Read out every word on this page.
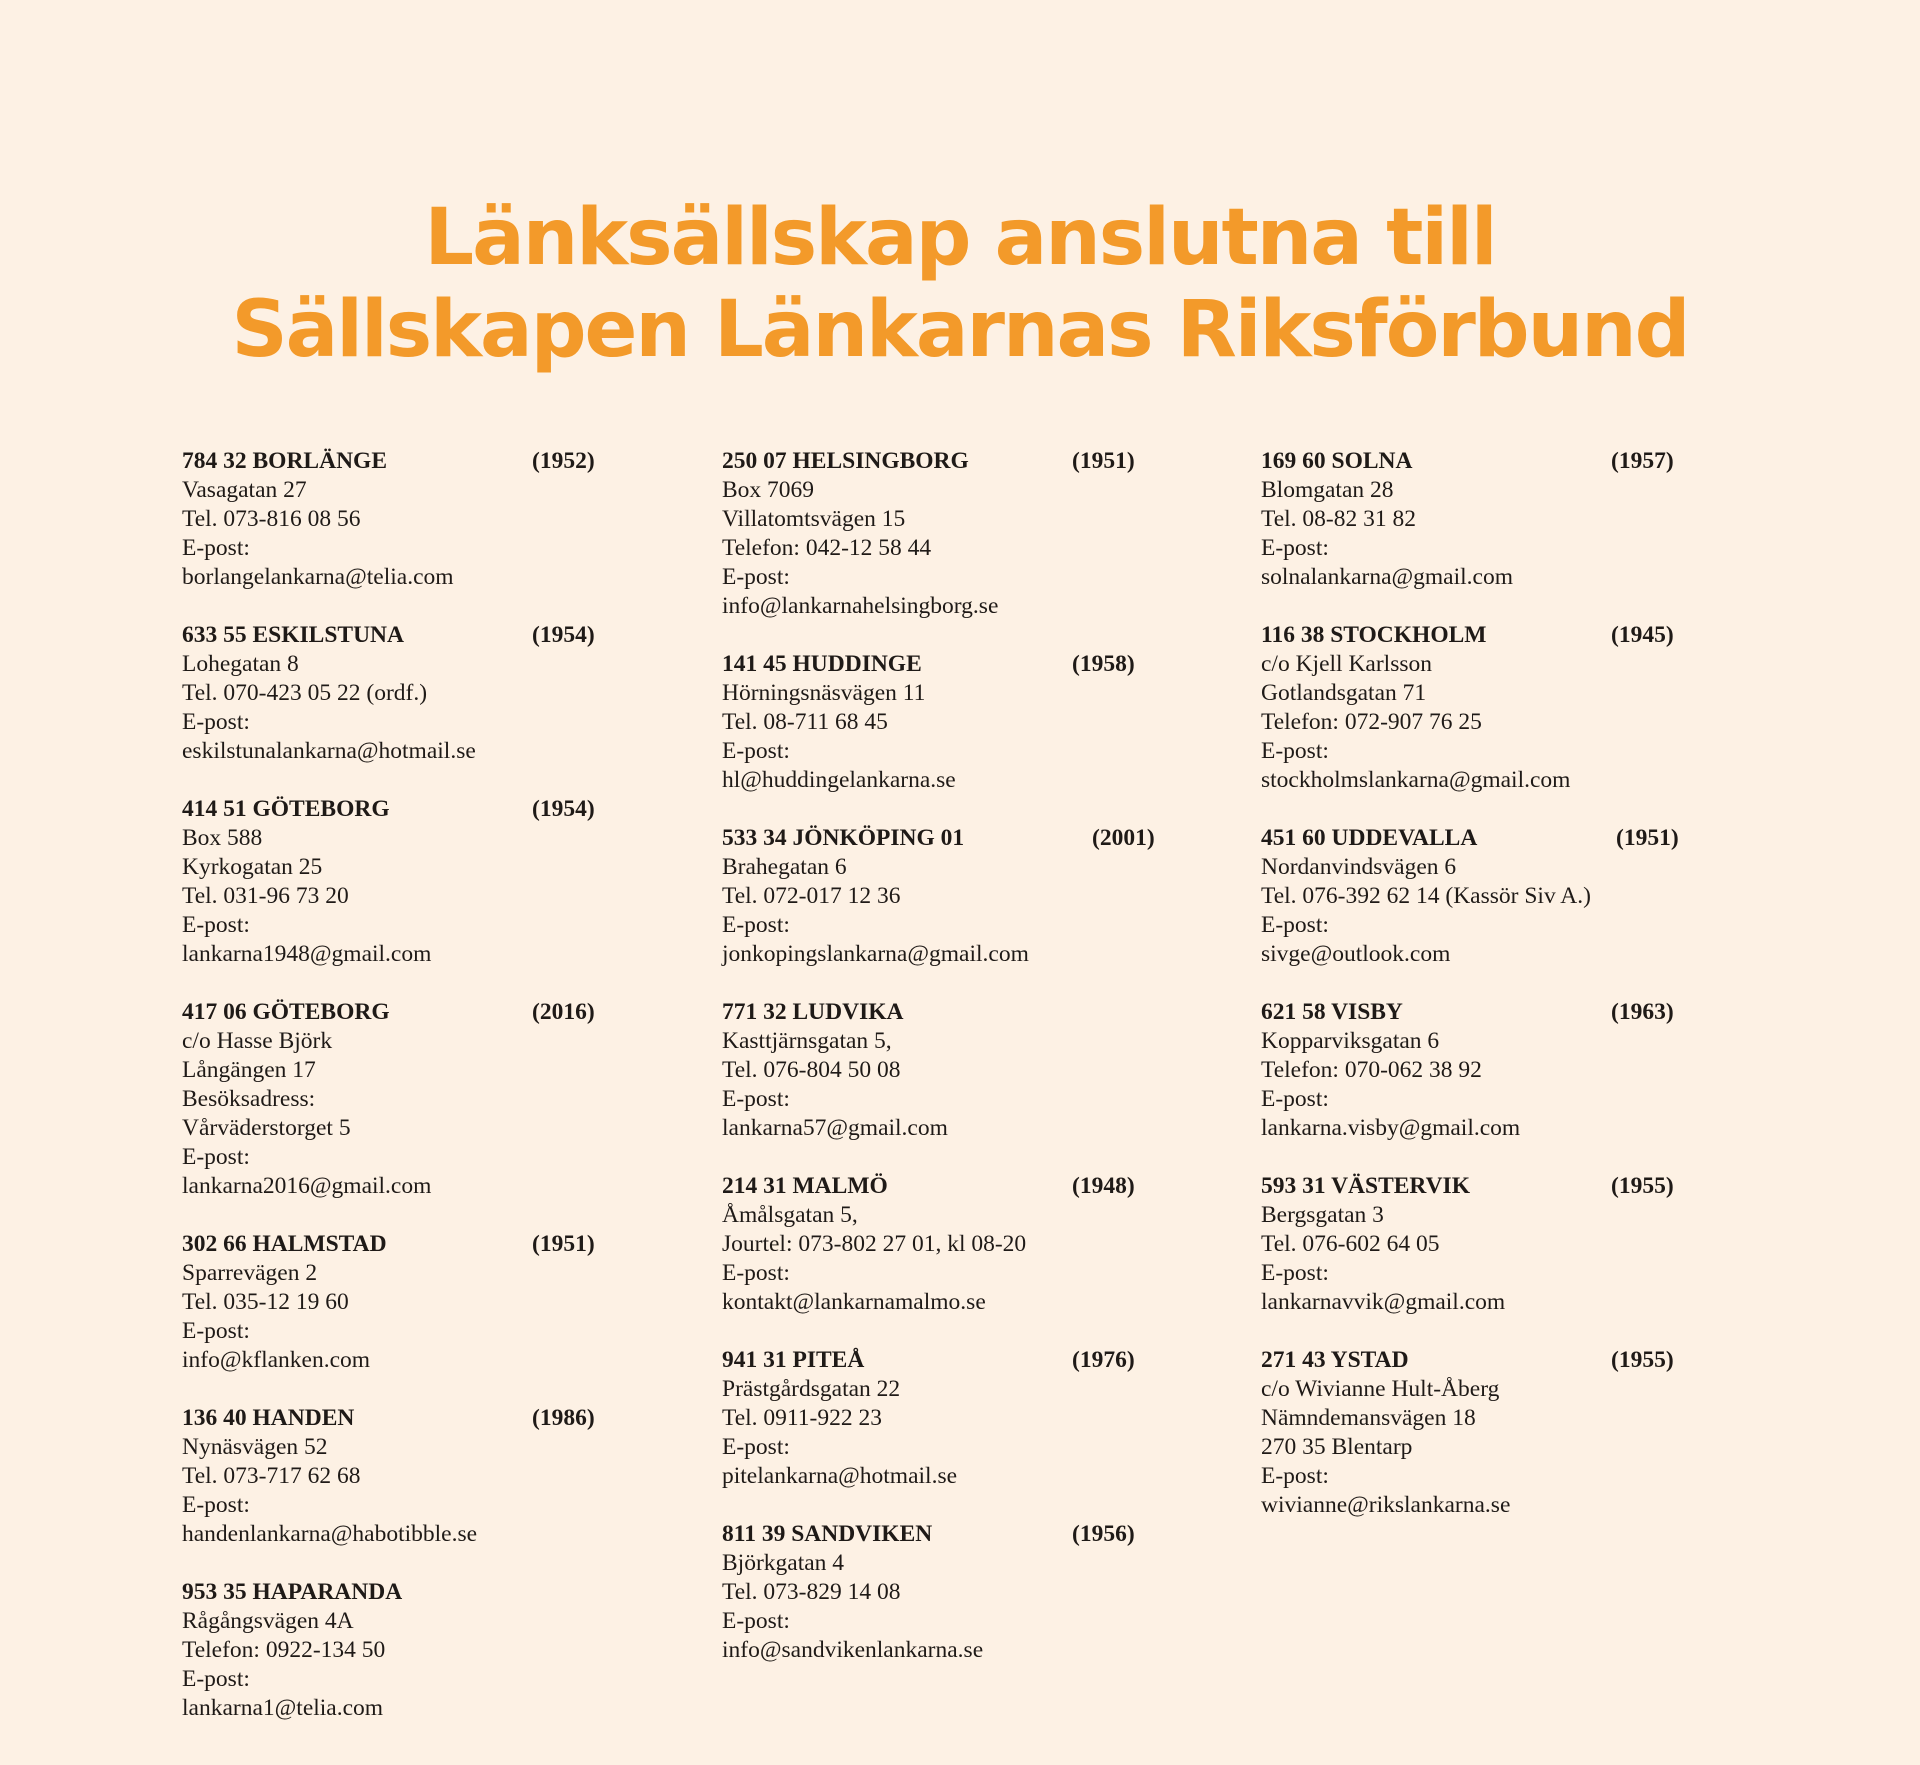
Länksällskap anslutna till
Sällskapen Länkarnas Riksförbund
784 32 BORLÄNGE	(1952)
Vasagatan 27
Tel. 073-816 08 56
E-post:
borlangelankarna@telia.com
633 55 ESKILSTUNA	(1954)
Lohegatan 8
Tel. 070-423 05 22 (ordf.)
E-post:
eskilstunalankarna@hotmail.se
414 51 GÖTEBORG	(1954)
Box 588
Kyrkogatan 25
Tel. 031-96 73 20
E-post:
lankarna1948@gmail.com
417 06 GÖTEBORG	(2016)
c/o Hasse Björk
Långängen 17
Besöksadress:
Vårväderstorget 5
E-post:
lankarna2016@gmail.com
302 66 HALMSTAD	(1951)
Sparrevägen 2
Tel. 035-12 19 60
E-post:
info@kflanken.com
136 40 HANDEN	(1986)
Nynäsvägen 52
Tel. 073-717 62 68
E-post:
handenlankarna@habotibble.se
953 35 HAPARANDA
Rågångsvägen 4A
Telefon: 0922-134 50
E-post:
lankarna1@telia.com
250 07 HELSINGBORG	(1951)
Box 7069
Villatomtsvägen 15
Telefon: 042-12 58 44
E-post:
info@lankarnahelsingborg.se
141 45 HUDDINGE	(1958)
Hörningsnäsvägen 11
Tel. 08-711 68 45
E-post:
hl@huddingelankarna.se
533 34 JÖNKÖPING 01	(2001)
Brahegatan 6
Tel. 072-017 12 36
E-post:
jonkopingslankarna@gmail.com
771 32 LUDVIKA
Kasttjärnsgatan 5,
Tel. 076-804 50 08
E-post:
lankarna57@gmail.com
214 31 MALMÖ	(1948)
Åmålsgatan 5,
Jourtel: 073-802 27 01, kl 08-20
E-post:
kontakt@lankarnamalmo.se
941 31 PITEÅ	(1976)
Prästgårdsgatan 22
Tel. 0911-922 23
E-post:
pitelankarna@hotmail.se
811 39 SANDVIKEN	(1956)
Björkgatan 4
Tel. 073-829 14 08
E-post:
info@sandvikenlankarna.se
169 60 SOLNA	(1957)
Blomgatan 28
Tel. 08-82 31 82
E-post:
solnalankarna@gmail.com
116 38 STOCKHOLM	(1945)
c/o Kjell Karlsson
Gotlandsgatan 71
Telefon: 072-907 76 25
E-post:
stockholmslankarna@gmail.com
451 60 UDDEVALLA	(1951)
Nordanvindsvägen 6
Tel. 076-392 62 14 (Kassör Siv A.)
E-post:
sivge@outlook.com
621 58 VISBY	(1963)
Kopparviksgatan 6
Telefon: 070-062 38 92
E-post:
lankarna.visby@gmail.com
593 31 VÄSTERVIK	(1955)
Bergsgatan 3
Tel. 076-602 64 05
E-post:
lankarnavvik@gmail.com
271 43 YSTAD	(1955)
c/o Wivianne Hult-Åberg
Nämndemansvägen 18
270 35 Blentarp
E-post:
wivianne@rikslankarna.se
